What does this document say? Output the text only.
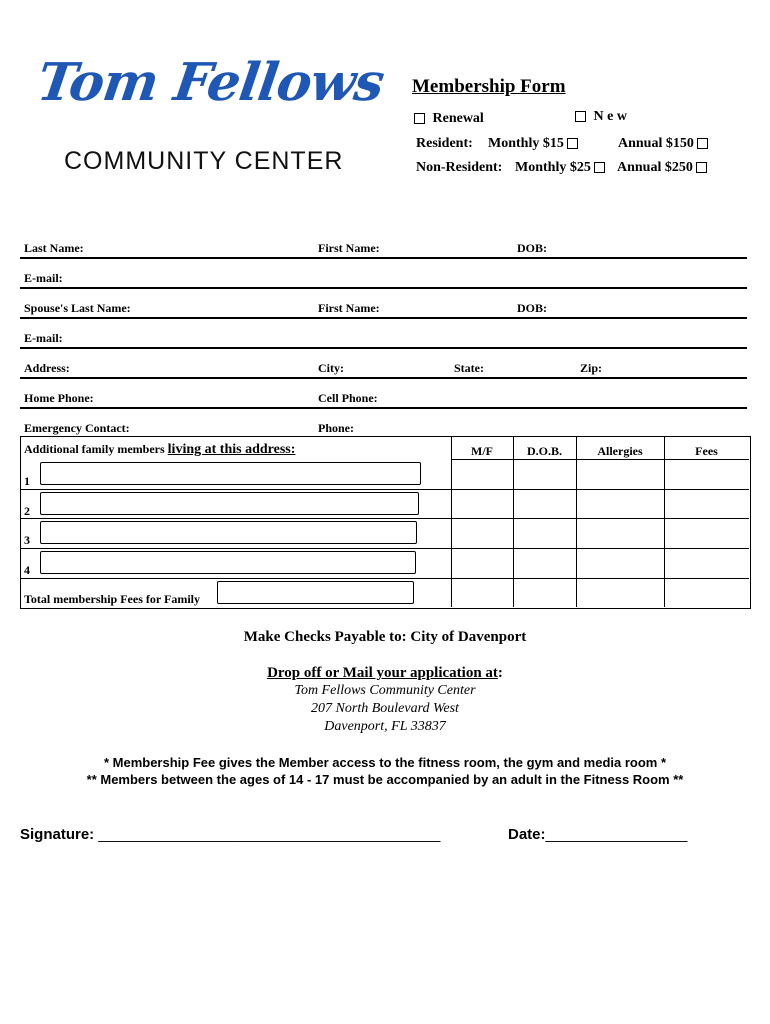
Tom Fellows
COMMUNITY CENTER
Membership Form
Renewal	N e w
Resident: Monthly $15	Annual $150
Non-Resident: Monthly $25	Annual $250
Last Name:	First Name:	DOB:
E-mail:
Spouse's Last Name:	First Name:	DOB:
E-mail:
Address:	City:	State:	Zip:
Home Phone:	Cell Phone:
Emergency Contact:	Phone:
Additional family members living at this address:	M/F	D.O.B.	Allergies	Fees
1
2
3
4
Total membership Fees for Family
Make Checks Payable to: City of Davenport
Drop off or Mail your application at:
Tom Fellows Community Center
207 North Boulevard West
Davenport, FL 33837
* Membership Fee gives the Member access to the fitness room, the gym and media room *
** Members between the ages of 14 - 17 must be accompanied by an adult in the Fitness Room **
Signature: _________________________________________	Date:_________________
